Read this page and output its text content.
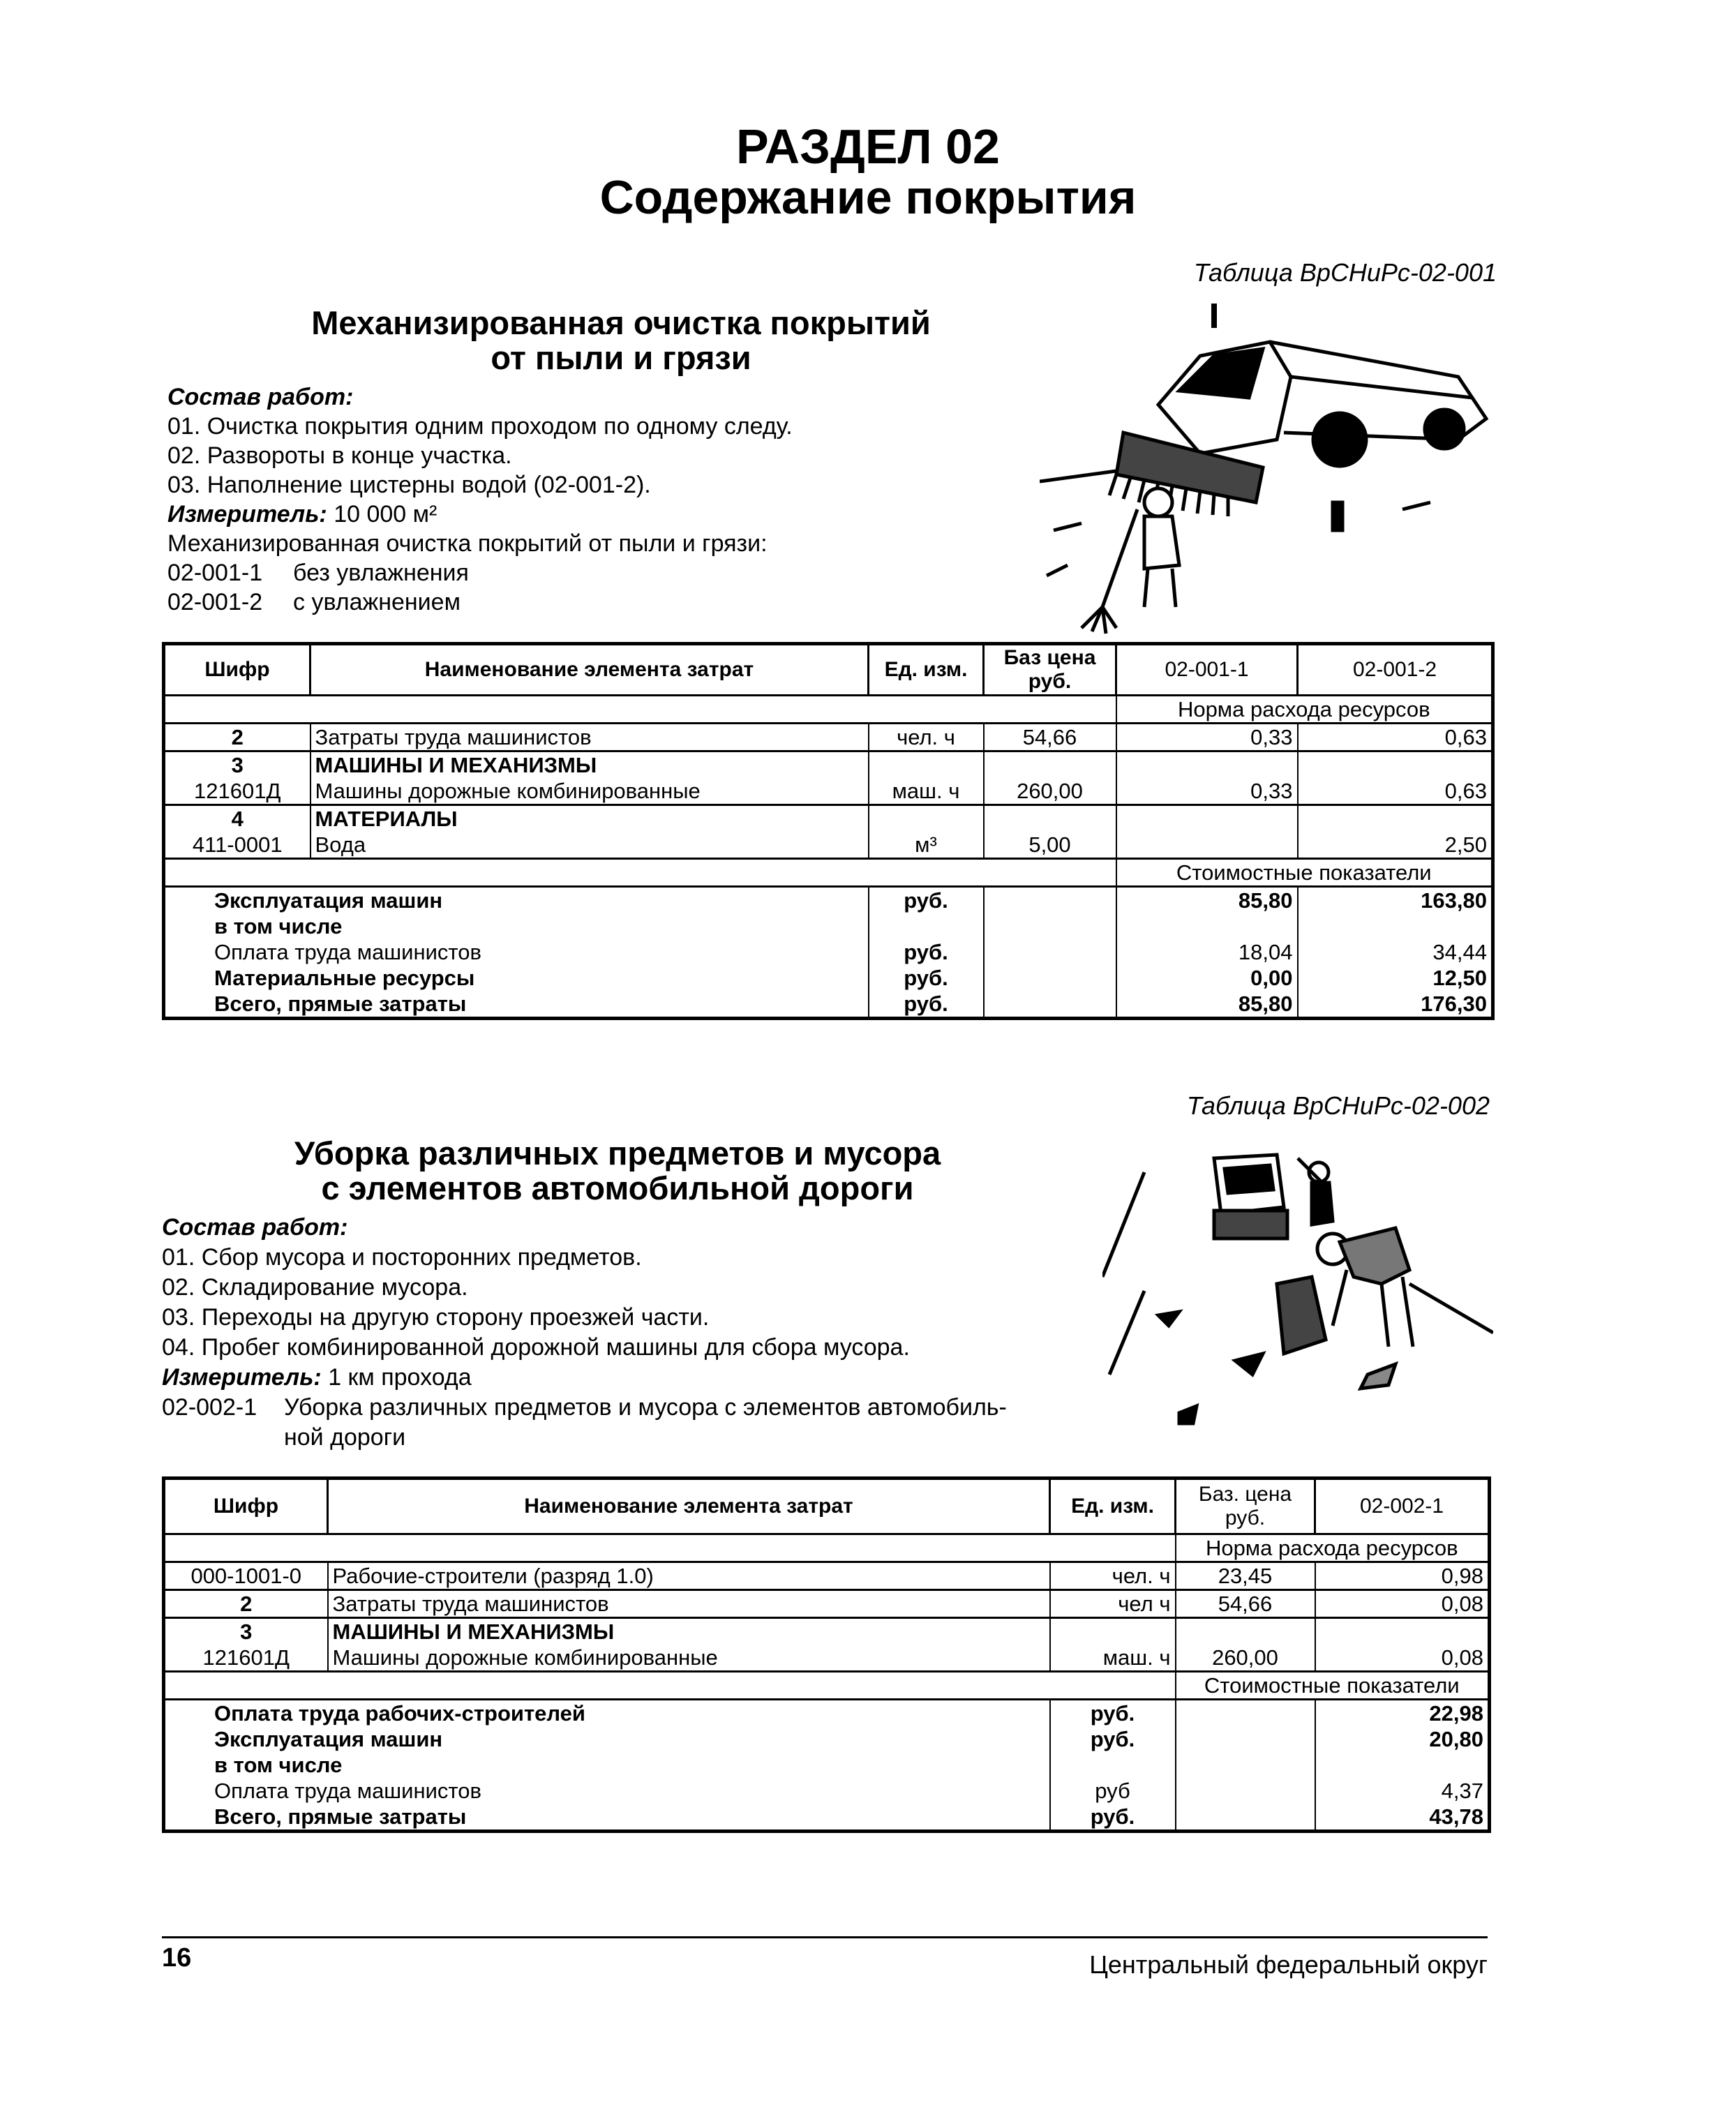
РАЗДЕЛ 02
Содержание покрытия
Таблица ВрСНиРс-02-001
Механизированная очистка покрытий
от пыли и грязи
Состав работ:
01. Очистка покрытия одним проходом по одному следу.
02. Развороты в конце участка.
03. Наполнение цистерны водой (02-001-2).
Измеритель: 10 000 м²
Механизированная очистка покрытий от пыли и грязи:
02-001-1 без увлажнения
02-001-2 с увлажнением
Шифр	Наименование элемента затрат	Ед. изм.	Баз цена руб.	02-001-1	02-001-2
				Норма расхода ресурсов	
2	Затраты труда машинистов	чел. ч	54,66	0,33	0,63
3	МАШИНЫ И МЕХАНИЗМЫ				
121601Д	Машины дорожные комбинированные	маш. ч	260,00	0,33	0,63
4	МАТЕРИАЛЫ				
411-0001	Вода	м³	5,00		2,50
				Стоимостные показатели	
Эксплуатация машин		руб.		85,80	163,80
в том числе					
Оплата труда машинистов		руб.		18,04	34,44
Материальные ресурсы		руб.		0,00	12,50
Всего, прямые затраты		руб.		85,80	176,30
Таблица ВрСНиРс-02-002
Уборка различных предметов и мусора
с элементов автомобильной дороги
Состав работ:
01. Сбор мусора и посторонних предметов.
02. Складирование мусора.
03. Переходы на другую сторону проезжей части.
04. Пробег комбинированной дорожной машины для сбора мусора.
Измеритель: 1 км прохода
02-002-1 Уборка различных предметов и мусора с элементов автомобиль-
ной дороги
Шифр	Наименование элемента затрат	Ед. изм.	Баз. цена руб.	02-002-1
			Норма расхода ресурсов	
000-1001-0	Рабочие-строители (разряд 1.0)	чел. ч	23,45	0,98
2	Затраты труда машинистов	чел ч	54,66	0,08
3	МАШИНЫ И МЕХАНИЗМЫ			
121601Д	Машины дорожные комбинированные	маш. ч	260,00	0,08
			Стоимостные показатели	
Оплата труда рабочих-строителей		руб.		22,98
Эксплуатация машин		руб.		20,80
в том числе				
Оплата труда машинистов		руб		4,37
Всего, прямые затраты		руб.		43,78
16	Центральный федеральный округ
